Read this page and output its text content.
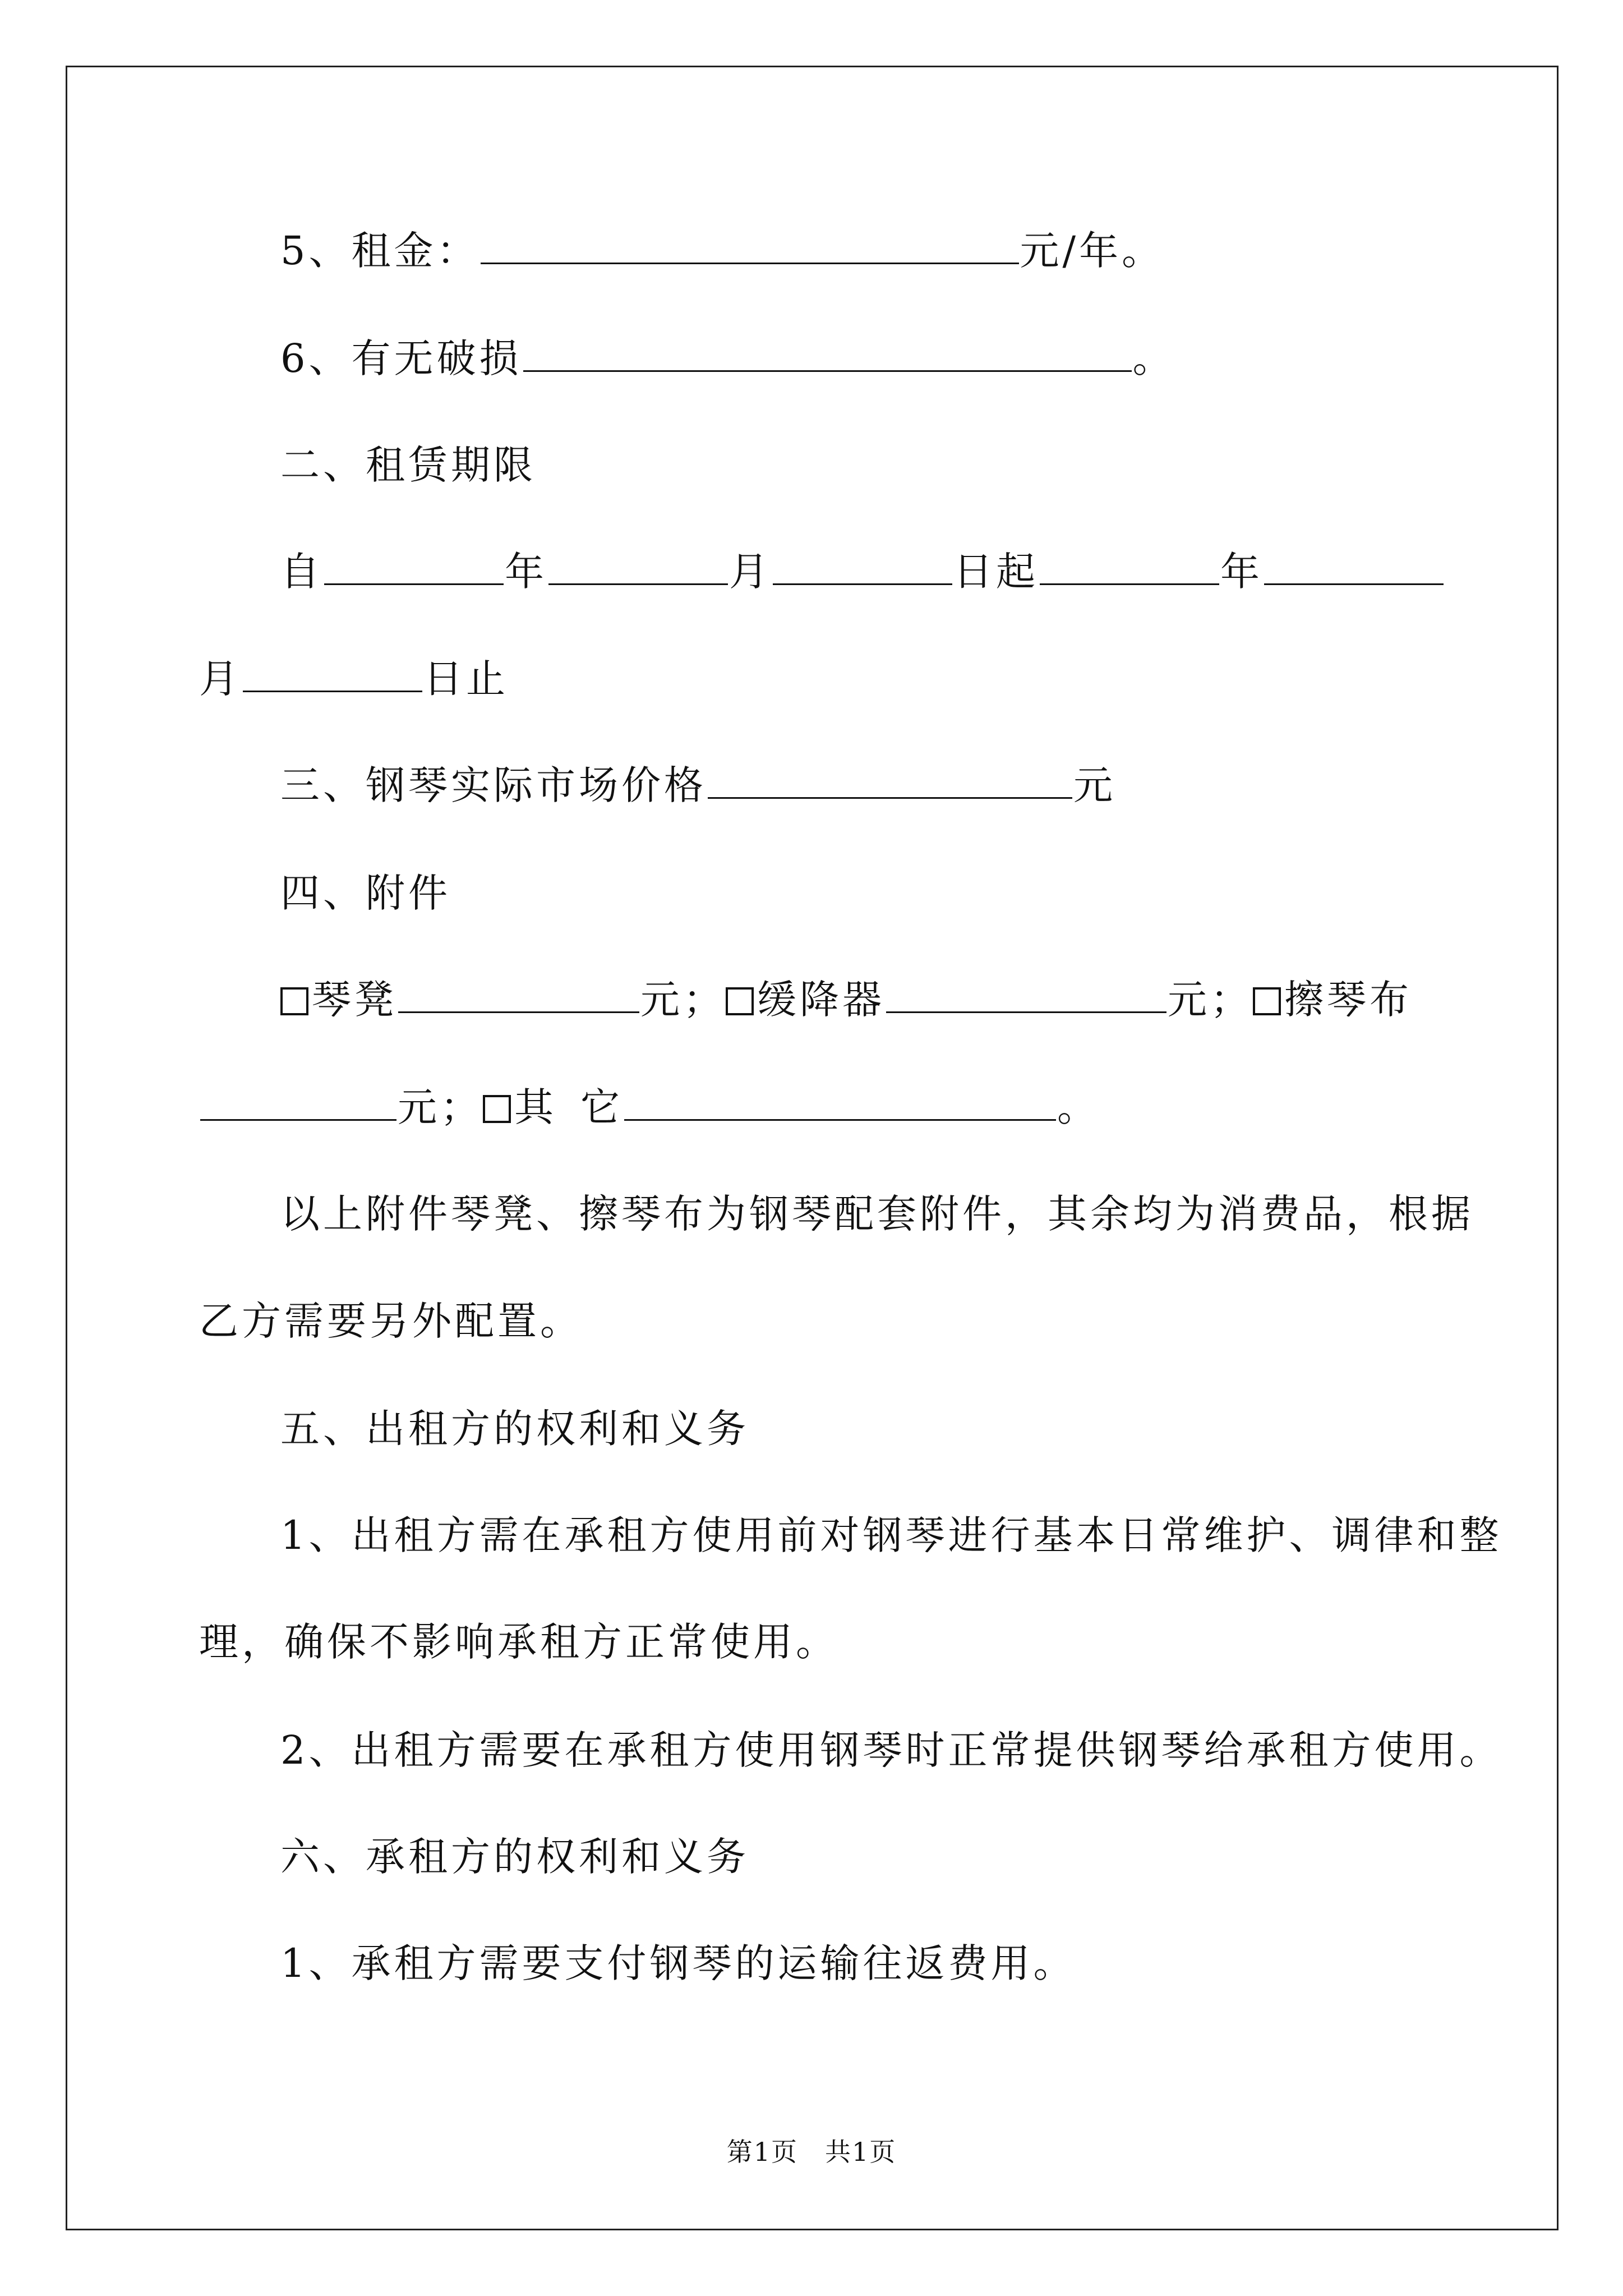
5、租金：	元/年。
6、有无破损	。
二、租赁期限
自	年	月	日起	年
月	日止
三、钢琴实际市场价格	元
四、附件
琴凳	元； 缓降器	元； 擦琴布
元； 其 它	。
以上附件琴凳、擦琴布为钢琴配套附件，其余均为消费品，根据
乙方需要另外配置。
五、出租方的权利和义务
1、出租方需在承租方使用前对钢琴进行基本日常维护、调律和整
理，确保不影响承租方正常使用。
2、出租方需要在承租方使用钢琴时正常提供钢琴给承租方使用。
六、承租方的权利和义务
1、承租方需要支付钢琴的运输往返费用。
第1页 共1页
